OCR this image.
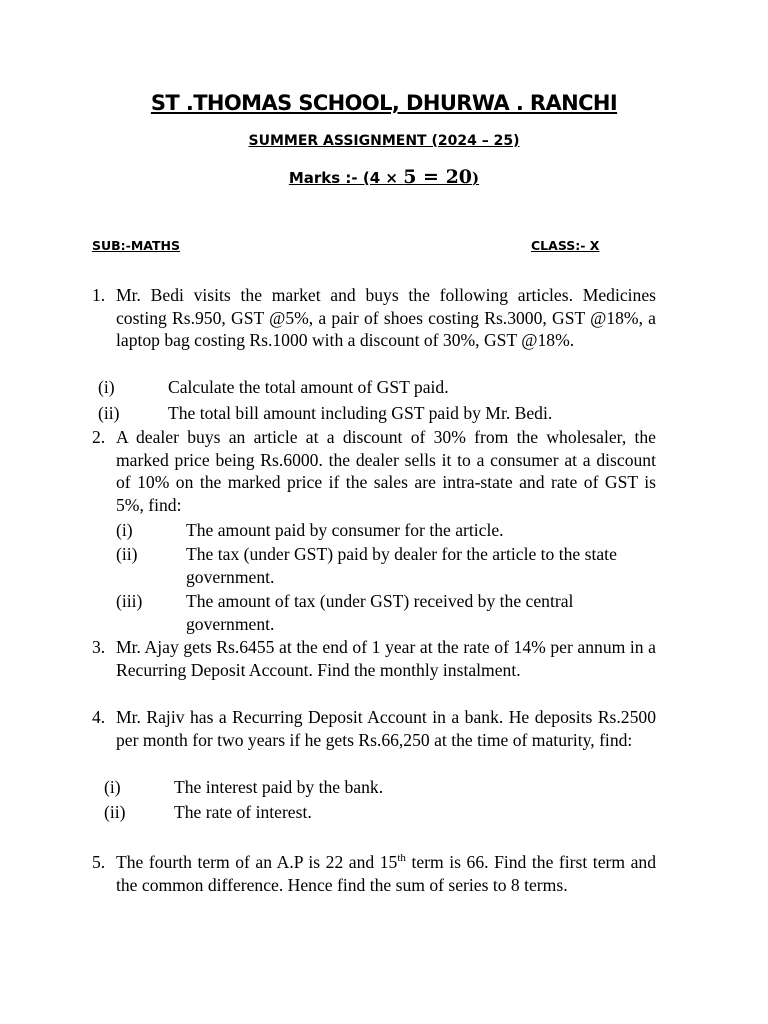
ST .THOMAS SCHOOL, DHURWA . RANCHI
SUMMER ASSIGNMENT (2024 – 25)
Marks :- (4 × 5 = 20)
SUB:-MATHS	CLASS:- X
1. Mr. Bedi visits the market and buys the following articles. Medicines costing Rs.950, GST @5%, a pair of shoes costing Rs.3000, GST @18%, a laptop bag costing Rs.1000 with a discount of 30%, GST @18%.
(i)	Calculate the total amount of GST paid.
(ii)	The total bill amount including GST paid by Mr. Bedi.
2. A dealer buys an article at a discount of 30% from the wholesaler, the marked price being Rs.6000. the dealer sells it to a consumer at a discount of 10% on the marked price if the sales are intra-state and rate of GST is 5%, find:
(i)	The amount paid by consumer for the article.
(ii)	The tax (under GST) paid by dealer for the article to the state government.
(iii) The amount of tax (under GST) received by the central government.
3. Mr. Ajay gets Rs.6455 at the end of 1 year at the rate of 14% per annum in a Recurring Deposit Account. Find the monthly instalment.
4. Mr. Rajiv has a Recurring Deposit Account in a bank. He deposits Rs.2500 per month for two years if he gets Rs.66,250 at the time of maturity, find:
(i)	The interest paid by the bank.
(ii)	The rate of interest.
5. The fourth term of an A.P is 22 and 15th term is 66. Find the first term and the common difference. Hence find the sum of series to 8 terms.
